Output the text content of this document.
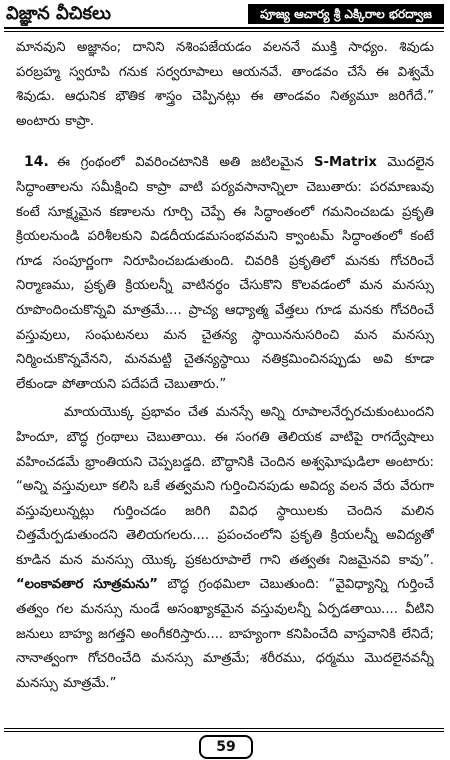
విజ్ఞాన వీచికలు	పూజ్య ఆచార్య శ్రీ ఎక్కిరాల భరద్వాజ

మానవుని అజ్ఞానం; దానిని నశింపజేయడం వలననే ముక్తి సాధ్యం. శివుడు పరబ్రహ్మ స్వరూపి గనుక సర్వరూపాలు ఆయనవే. తాండవం చేసే ఈ విశ్వమే శివుడు. ఆధునిక భౌతిక శాస్త్రం చెప్పినట్లు ఈ తాండవం నిత్యమూ జరిగేదే.” అంటారు కాప్రా.

14. ఈ గ్రంథంలో వివరించటానికి అతి జటిలమైన S-Matrix మొదలైన సిద్ధాంతాలను సమీక్షించి కాప్రా వాటి పర్యవసానాన్నిలా చెబుతారు: పరమాణువు కంటే సూక్ష్మమైన కణాలను గూర్చి చెప్పే ఈ సిద్ధాంతంలో గమనించబడు ప్రకృతి క్రియలనుండి పరిశీలకుని విడదీయడమసంభవమని క్వాంటమ్ సిద్ధాంతంలో కంటే గూడ సంపూర్ణంగా నిరూపించబడుతుంది. చివరికి ప్రకృతిలో మనకు గోచరించే నిర్మాణము, ప్రకృతి క్రియలన్నీ వాటినర్థం చేసుకొని కొలవడంలో మన మనస్సు రూపొందించుకొన్నవి మాత్రమే.... ప్రాచ్య ఆధ్యాత్మ వేత్తలు గూడ మనకు గోచరించే వస్తువులు, సంఘటనలు మన చైతన్య స్థాయిననుసరించి మన మనస్సు నిర్మించుకొన్నవేనని, మనమట్టి చైతన్యస్థాయి నతిక్రమించినప్పుడు అవి కూడా లేకుండా పోతాయని పదేపదే చెబుతారు.”

మాయయొక్క ప్రభావం చేత మనస్సే అన్ని రూపాలనేర్పరచుకుంటుందని హిందూ, బౌద్ధ గ్రంథాలు చెబుతాయి. ఈ సంగతి తెలియక వాటిపై రాగద్వేషాలు వహించడమే భ్రాంతియని చెప్పబడ్డది. బౌద్ధానికి చెందిన అశ్వఘోషుడిలా అంటారు: “అన్ని వస్తువులూ కలిసి ఒకే తత్వమని గుర్తించినపుడు అవిద్య వలన వేరు వేరుగా వస్తువులున్నట్లు గుర్తించడం జరిగి వివిధ స్థాయిలకు చెందిన మలిన చిత్తమేర్పడుతుందని తెలియగలరు.... ప్రపంచంలోని ప్రకృతి క్రియలన్నీ అవిద్యతో కూడిన మన మనస్సు యొక్క ప్రకటరూపాలే గాని తత్వతః నిజమైనవి కావు”. “లంకావతార సూత్రమను” బౌద్ధ గ్రంథమిలా చెబుతుంది: “వైవిధ్యాన్ని గుర్తించే తత్వం గల మనస్సు నుండే అసంఖ్యాకమైన వస్తువులన్నీ ఏర్పడతాయి.... వీటిని జనులు బాహ్య జగత్తని అంగీకరిస్తారు.... బాహ్యంగా కనిపించేది వాస్తవానికి లేనిదే; నానాత్వంగా గోచరించేది మనస్సు మాత్రమే; శరీరము, ధర్మము మొదలైనవన్నీ మనస్సు మాత్రమే.”

59
